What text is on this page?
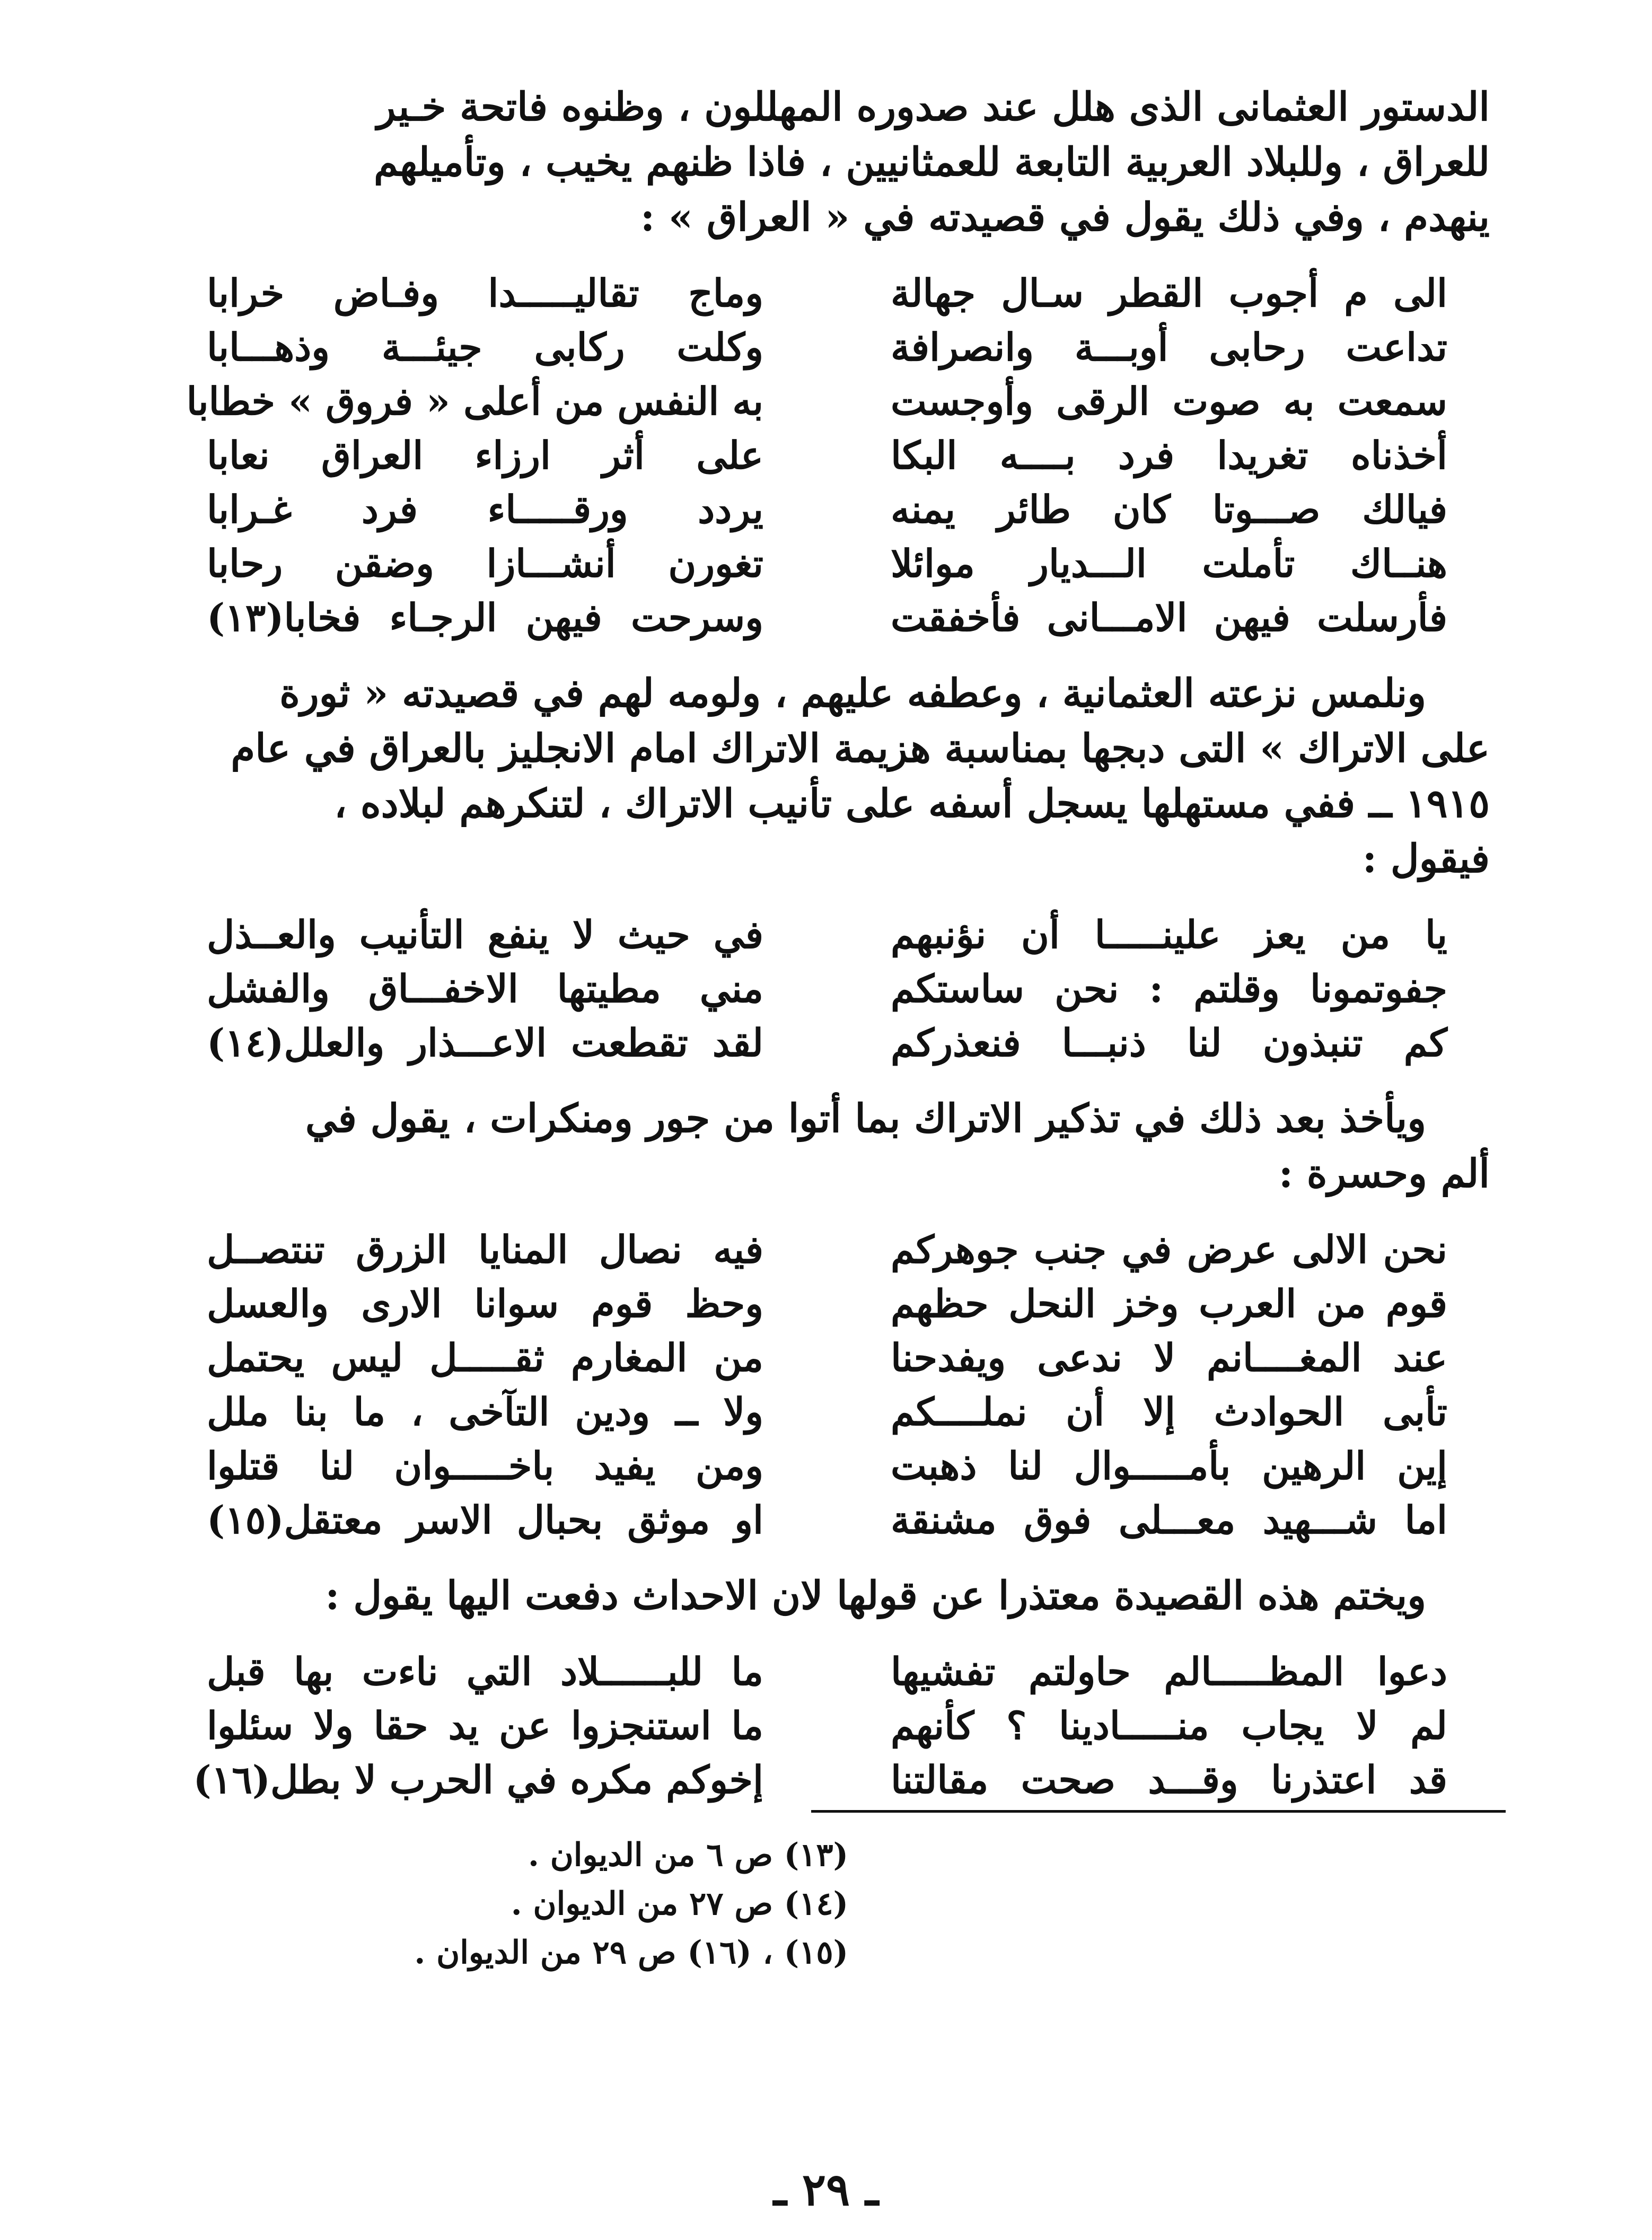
الدستور العثمانى الذى هلل عند صدوره المهللون ، وظنوه فاتحة خـير
للعراق ، وللبلاد العربية التابعة للعمثانيين ، فاذا ظنهم يخيب ، وتأميلهم
ينهدم ، وفي ذلك يقول في قصيدته في « العراق » :

الى م أجوب القطر سـال جهالة
تداعت رحابى أوبـــة وانصرافة
سمعت به صوت الرقى وأوجست
أخذناه تغريدا فرد بــــه البكا
فيالك صـــوتا كان طائر يمنه
هنــاك تأملت الـــديار موائلا
فأرسلت فيهن الامـــانى فأخفقت
وماج تقاليـــــدا وفـاض خرابا
وكلت ركابى جيئـــة وذهـــابا
به النفس من أعلى « فروق » خطابا
على أثر ارزاء العراق نعابا
يردد ورقـــــاء فرد غـرابا
تغورن أنشـــازا وضقن رحابا
وسرحت فيهن الرجـاء فخابا(١٣)

ونلمس نزعته العثمانية ، وعطفه عليهم ، ولومه لهم في قصيدته « ثورة
على الاتراك » التى دبجها بمناسبة هزيمة الاتراك امام الانجليز بالعراق في عام
١٩١٥ ــ ففي مستهلها يسجل أسفه على تأنيب الاتراك ، لتنكرهم لبلاده ،
فيقول :

يا من يعز علينـــــا أن نؤنبهم
جفوتمونا وقلتم : نحن ساستكم
كم تنبذون لنا ذنبـــا فنعذركم
في حيث لا ينفع التأنيب والعــذل
مني مطيتها الاخفـــاق والفشل
لقد تقطعت الاعـــذار والعلل(١٤)

ويأخذ بعد ذلك في تذكير الاتراك بما أتوا من جور ومنكرات ، يقول في
ألم وحسرة :

نحن الالى عرض في جنب جوهركم
قوم من العرب وخز النحل حظهم
عند المغــــانم لا ندعى ويفدحنا
تأبى الحوادث إلا أن نملــــكم
إين الرهين بأمـــــوال لنا ذهبت
اما شـــهيد معـــلى فوق مشنقة
فيه نصال المنايا الزرق تنتصــل
وحظ قوم سوانا الارى والعسل
من المغارم ثقـــــل ليس يحتمل
ولا ــ ودين التآخى ، ما بنا ملل
ومن يفيد باخـــــوان لنا قتلوا
او موثق بحبال الاسر معتقل(١٥)

ويختم هذه القصيدة معتذرا عن قولها لان الاحداث دفعت اليها يقول :

دعوا المظـــــالم حاولتم تفشيها
لم لا يجاب منـــــادينا ؟ كأنهم
قد اعتذرنا وقـــد صحت مقالتنا
ما للبــــــلاد التي ناءت بها قبل
ما استنجزوا عن يد حقا ولا سئلوا
إخوكم مكره في الحرب لا بطل(١٦)
(١٣) ص ٦ من الديوان .
(١٤) ص ٢٧ من الديوان .
(١٥) ، (١٦) ص ٢٩ من الديوان .
ـ ٢٩ ـ
